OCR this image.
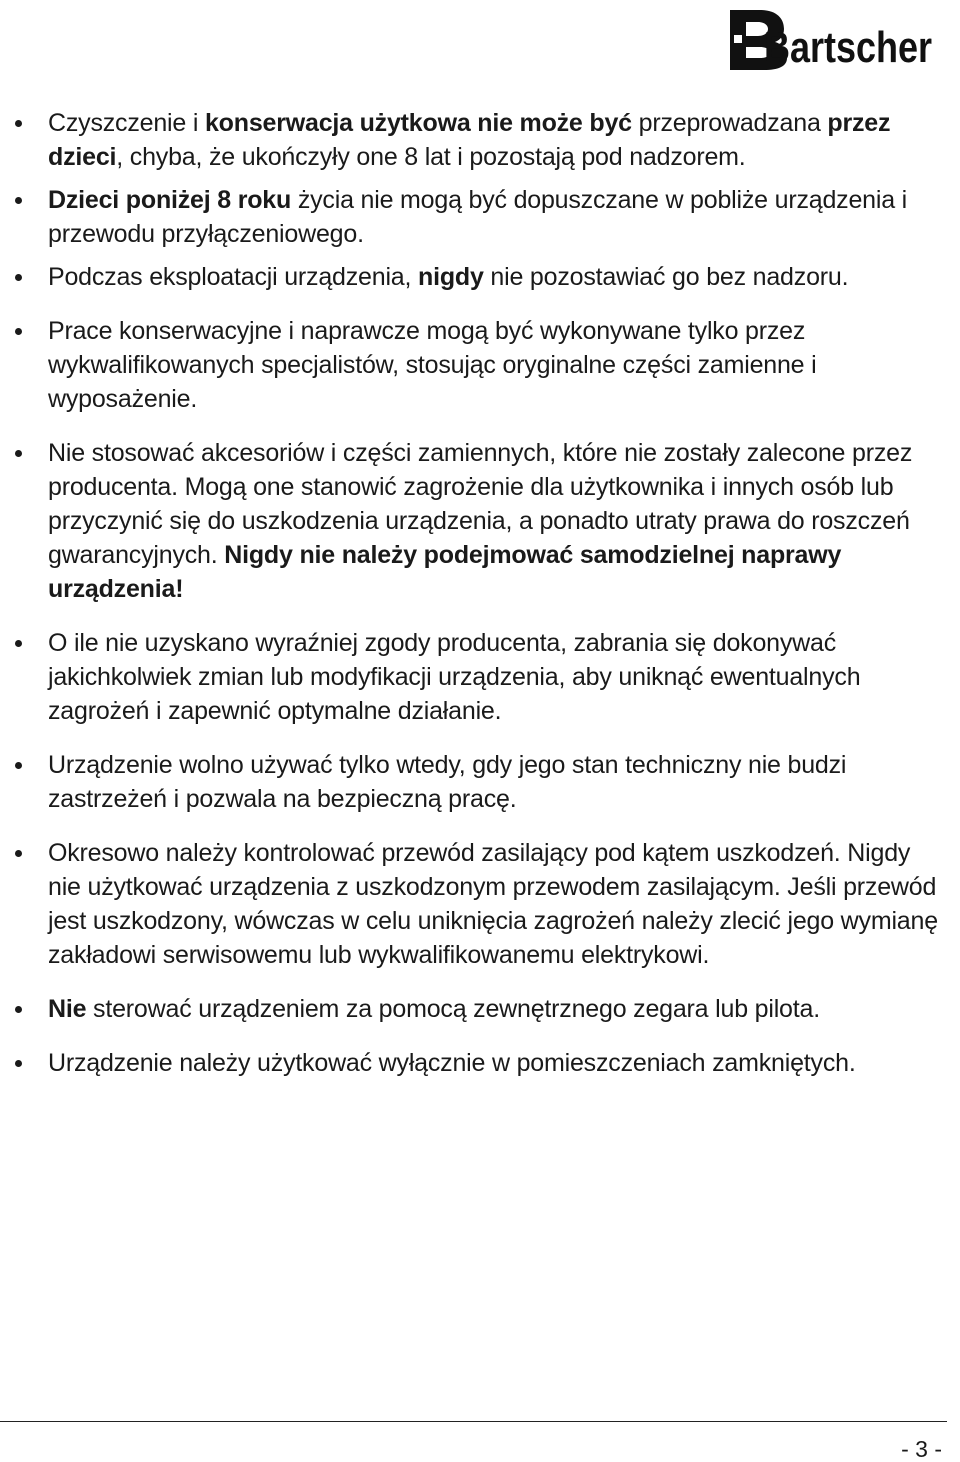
Bartscher
Czyszczenie i konserwacja użytkowa nie może być przeprowadzana przez dzieci, chyba, że ukończyły one 8 lat i pozostają pod nadzorem.
Dzieci poniżej 8 roku życia nie mogą być dopuszczane w pobliże urządzenia i przewodu przyłączeniowego.
Podczas eksploatacji urządzenia, nigdy nie pozostawiać go bez nadzoru.
Prace konserwacyjne i naprawcze mogą być wykonywane tylko przez wykwalifikowanych specjalistów, stosując oryginalne części zamienne i wyposażenie.
Nie stosować akcesoriów i części zamiennych, które nie zostały zalecone przez producenta. Mogą one stanowić zagrożenie dla użytkownika i innych osób lub przyczynić się do uszkodzenia urządzenia, a ponadto utraty prawa do roszczeń gwarancyjnych. Nigdy nie należy podejmować samodzielnej naprawy urządzenia!
O ile nie uzyskano wyraźniej zgody producenta, zabrania się dokonywać jakichkolwiek zmian lub modyfikacji urządzenia, aby uniknąć ewentualnych zagrożeń i zapewnić optymalne działanie.
Urządzenie wolno używać tylko wtedy, gdy jego stan techniczny nie budzi zastrzeżeń i pozwala na bezpieczną pracę.
Okresowo należy kontrolować przewód zasilający pod kątem uszkodzeń. Nigdy nie użytkować urządzenia z uszkodzonym przewodem zasilającym. Jeśli przewód jest uszkodzony, wówczas w celu uniknięcia zagrożeń należy zlecić jego wymianę zakładowi serwisowemu lub wykwalifikowanemu elektrykowi.
Nie sterować urządzeniem za pomocą zewnętrznego zegara lub pilota.
Urządzenie należy użytkować wyłącznie w pomieszczeniach zamkniętych.
- 3 -
